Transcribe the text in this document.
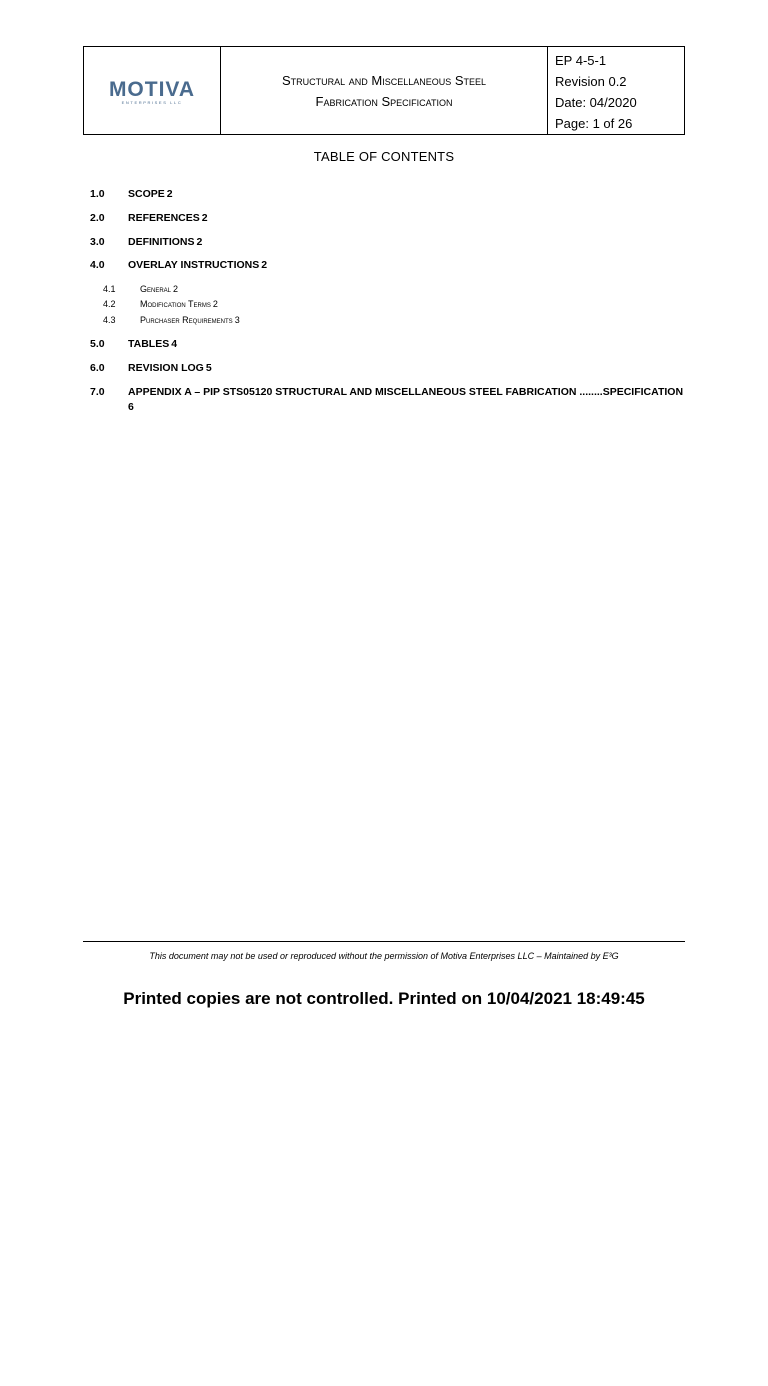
MOTIVA
ENTERPRISES LLC
Structural and Miscellaneous Steel
Fabrication Specification
EP 4-5-1
Revision 0.2
Date: 04/2020
Page: 1 of 26
TABLE OF CONTENTS
1.0	SCOPE 2
2.0	REFERENCES 2
3.0	DEFINITIONS 2
4.0	OVERLAY INSTRUCTIONS 2
4.1	General 2
4.2	Modification Terms 2
4.3	Purchaser Requirements 3
5.0	TABLES 4
6.0	REVISION LOG 5
7.0	APPENDIX A – PIP STS05120 STRUCTURAL AND MISCELLANEOUS STEEL FABRICATION ........SPECIFICATION
6
This document may not be used or reproduced without the permission of Motiva Enterprises LLC – Maintained by E³G
Printed copies are not controlled. Printed on 10/04/2021 18:49:45
